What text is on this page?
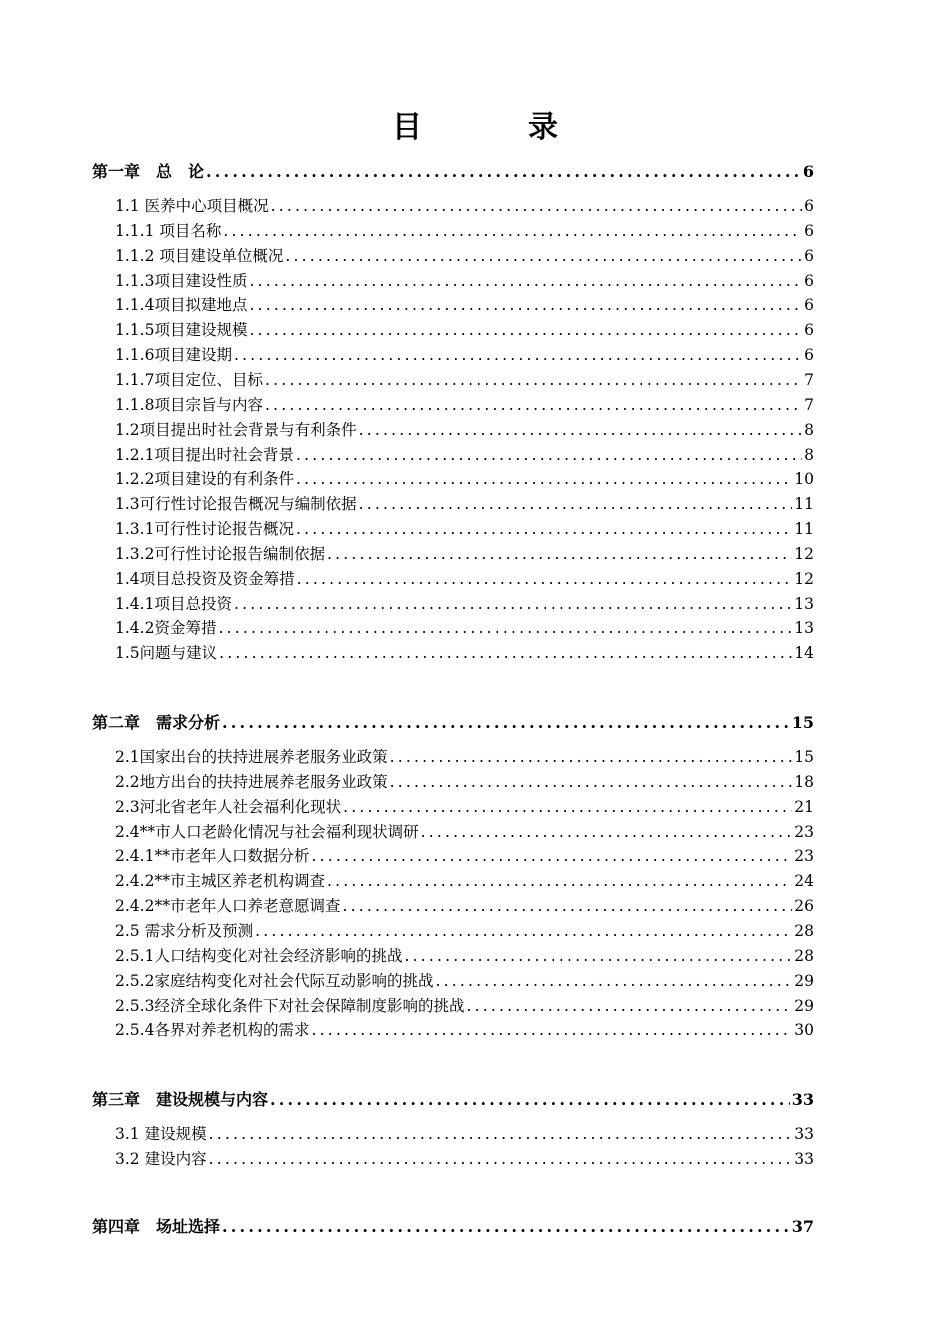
目　录
第一章　总　论 .....	6
1.1 医养中心项目概况 .....	6
1.1.1 项目名称 .....	6
1.1.2 项目建设单位概况 .....	6
1.1.3项目建设性质 .....	6
1.1.4项目拟建地点 .....	6
1.1.5项目建设规模 .....	6
1.1.6项目建设期 .....	6
1.1.7项目定位、目标 .....	7
1.1.8项目宗旨与内容 .....	7
1.2项目提出时社会背景与有利条件 .....	8
1.2.1项目提出时社会背景 .....	8
1.2.2项目建设的有利条件 .....	10
1.3可行性讨论报告概况与编制依据 .....	11
1.3.1可行性讨论报告概况 .....	11
1.3.2可行性讨论报告编制依据 .....	12
1.4项目总投资及资金筹措 .....	12
1.4.1项目总投资 .....	13
1.4.2资金筹措 .....	13
1.5问题与建议 .....	14
第二章　需求分析 .....	15
2.1国家出台的扶持进展养老服务业政策 .....	15
2.2地方出台的扶持进展养老服务业政策 .....	18
2.3河北省老年人社会福利化现状 .....	21
2.4**市人口老龄化情况与社会福利现状调研 .....	23
2.4.1**市老年人口数据分析 .....	23
2.4.2**市主城区养老机构调查 .....	24
2.4.2**市老年人口养老意愿调查 .....	26
2.5 需求分析及预测 .....	28
2.5.1人口结构变化对社会经济影响的挑战 .....	28
2.5.2家庭结构变化对社会代际互动影响的挑战 .....	29
2.5.3经济全球化条件下对社会保障制度影响的挑战 .....	29
2.5.4各界对养老机构的需求 .....	30
第三章　建设规模与内容 .....	33
3.1 建设规模 .....	33
3.2 建设内容 .....	33
第四章　场址选择 .....	37
